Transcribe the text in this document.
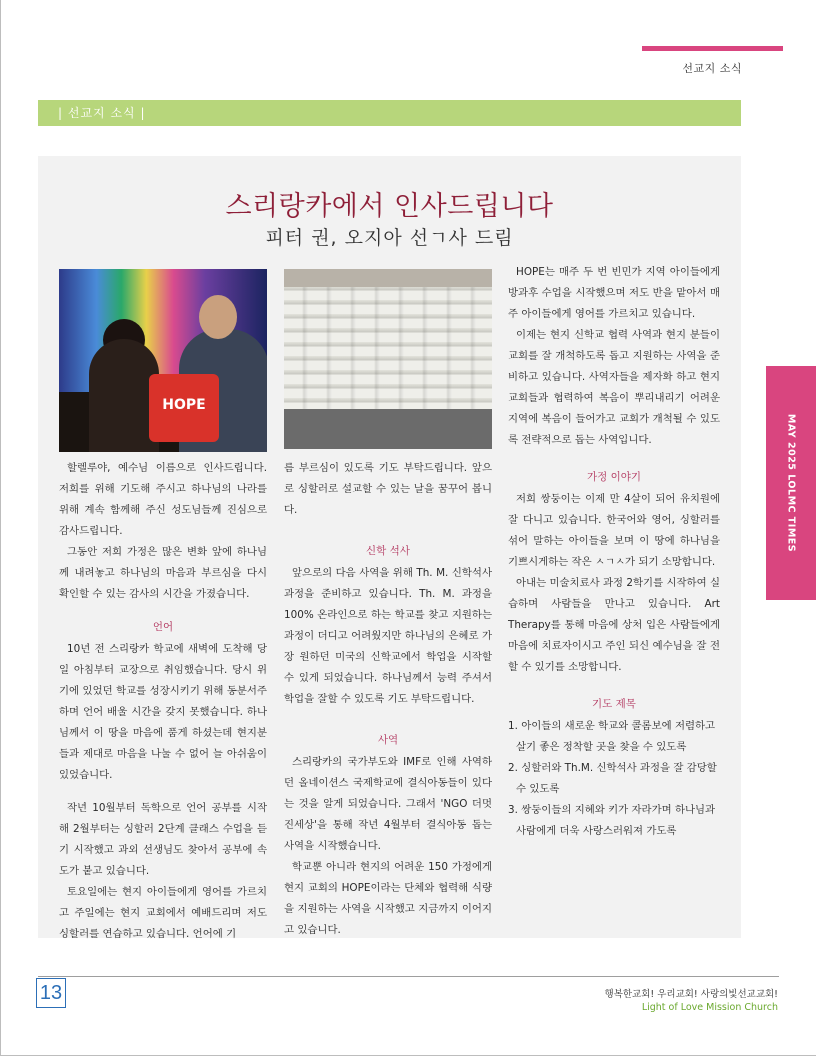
선교지 소식
| 선교지 소식 |
스리랑카에서 인사드립니다
피터 권, 오지아 선ㄱ사 드림
HOPE

할렐루야, 예수님 이름으로 인사드립니다. 저희를 위해 기도해 주시고 하나님의 나라를 위해 계속 함께해 주신 성도님들께 진심으로 감사드립니다.

그동안 저희 가정은 많은 변화 앞에 하나님께 내려놓고 하나님의 마음과 부르심을 다시 확인할 수 있는 감사의 시간을 가졌습니다.

언어

10년 전 스리랑카 학교에 새벽에 도착해 당일 아침부터 교장으로 취임했습니다. 당시 위기에 있었던 학교를 성장시키기 위해 동분서주하며 언어 배울 시간을 갖지 못했습니다. 하나님께서 이 땅을 마음에 품게 하셨는데 현지분들과 제대로 마음을 나눌 수 없어 늘 아쉬움이 있었습니다.

작년 10월부터 독학으로 언어 공부를 시작해 2월부터는 싱할러 2단계 클래스 수업을 듣기 시작했고 과외 선생님도 찾아서 공부에 속도가 붙고 있습니다.

토요일에는 현지 아이들에게 영어를 가르치고 주일에는 현지 교회에서 예배드리며 저도 싱할러를 연습하고 있습니다. 언어에 기

름 부르심이 있도록 기도 부탁드립니다. 앞으로 싱할러로 설교할 수 있는 날을 꿈꾸어 봅니다.

신학 석사

앞으로의 다음 사역을 위해 Th. M. 신학석사 과정을 준비하고 있습니다. Th. M. 과정을 100% 온라인으로 하는 학교를 찾고 지원하는 과정이 더디고 어려웠지만 하나님의 은혜로 가장 원하던 미국의 신학교에서 학업을 시작할 수 있게 되었습니다. 하나님께서 능력 주셔서 학업을 잘할 수 있도록 기도 부탁드립니다.

사역

스리랑카의 국가부도와 IMF로 인해 사역하던 올네이션스 국제학교에 결식아동들이 있다는 것을 알게 되었습니다. 그래서 'NGO 더멋진세상'을 통해 작년 4월부터 결식아동 돕는 사역을 시작했습니다.

학교뿐 아니라 현지의 어려운 150 가정에게 현지 교회의 HOPE이라는 단체와 협력해 식량을 지원하는 사역을 시작했고 지금까지 이어지고 있습니다.

HOPE는 매주 두 번 빈민가 지역 아이들에게 방과후 수업을 시작했으며 저도 반을 맡아서 매주 아이들에게 영어를 가르치고 있습니다.

이제는 현지 신학교 협력 사역과 현지 분들이 교회를 잘 개척하도록 돕고 지원하는 사역을 준비하고 있습니다. 사역자들을 제자화 하고 현지 교회들과 협력하여 복음이 뿌리내리기 어려운 지역에 복음이 들어가고 교회가 개척될 수 있도록 전략적으로 돕는 사역입니다.

가정 이야기

저희 쌍둥이는 이제 만 4살이 되어 유치원에 잘 다니고 있습니다. 한국어와 영어, 싱할러를 섞어 말하는 아이들을 보며 이 땅에 하나님을 기쁘시게하는 작은 ㅅㄱㅅ가 되기 소망합니다.

아내는 미술치료사 과정 2학기를 시작하여 실습하며 사람들을 만나고 있습니다. Art Therapy를 통해 마음에 상처 입은 사람들에게 마음에 치료자이시고 주인 되신 예수님을 잘 전할 수 있기를 소망합니다.

기도 제목

1. 아이들의 새로운 학교와 콜롬보에 저렴하고 살기 좋은 정착할 곳을 찾을 수 있도록

2. 싱할러와 Th.M. 신학석사 과정을 잘 감당할 수 있도록

3. 쌍둥이들의 지혜와 키가 자라가며 하나님과 사람에게 더욱 사랑스러워져 가도록

MAY 2025 LOLMC TIMES
13	행복한교회! 우리교회! 사랑의빛선교교회!
Light of Love Mission Church
